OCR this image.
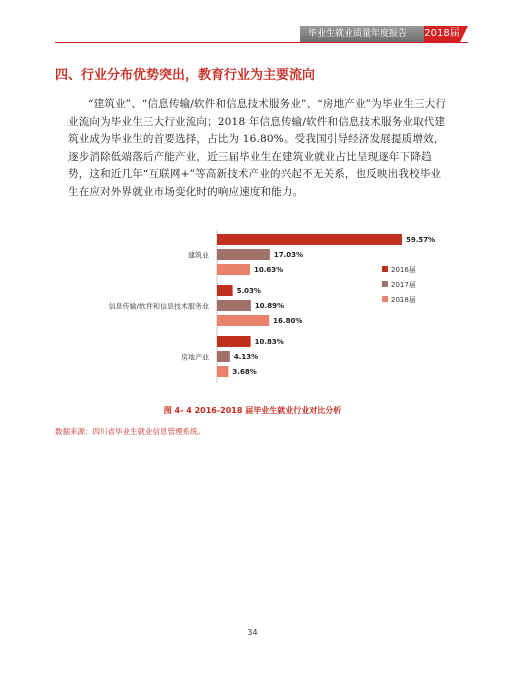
毕业生就业质量年度报告	2018届
四、行业分布优势突出，教育行业为主要流向
“建筑业”、“信息传输/软件和信息技术服务业”、“房地产业”为毕业生三大行业流向为毕业生三大行业流向；2018 年信息传输/软件和信息技术服务业取代建筑业成为毕业生的首要选择，占比为 16.80%。受我国引导经济发展提质增效，逐步消除低端落后产能产业，近三届毕业生在建筑业就业占比呈现逐年下降趋势，这和近几年“互联网+”等高新技术产业的兴起不无关系，也反映出我校毕业生在应对外界就业市场变化时的响应速度和能力。
建筑业
59.57%
17.03%
10.63%
信息传输/软件和信息技术服务业
5.03%
10.89%
16.80%
房地产业
10.83%
4.13%
3.68%
2016届
2017届
2018届
图 4- 4 2016-2018 届毕业生就业行业对比分析
数据来源：四川省毕业生就业信息管理系统。
34
